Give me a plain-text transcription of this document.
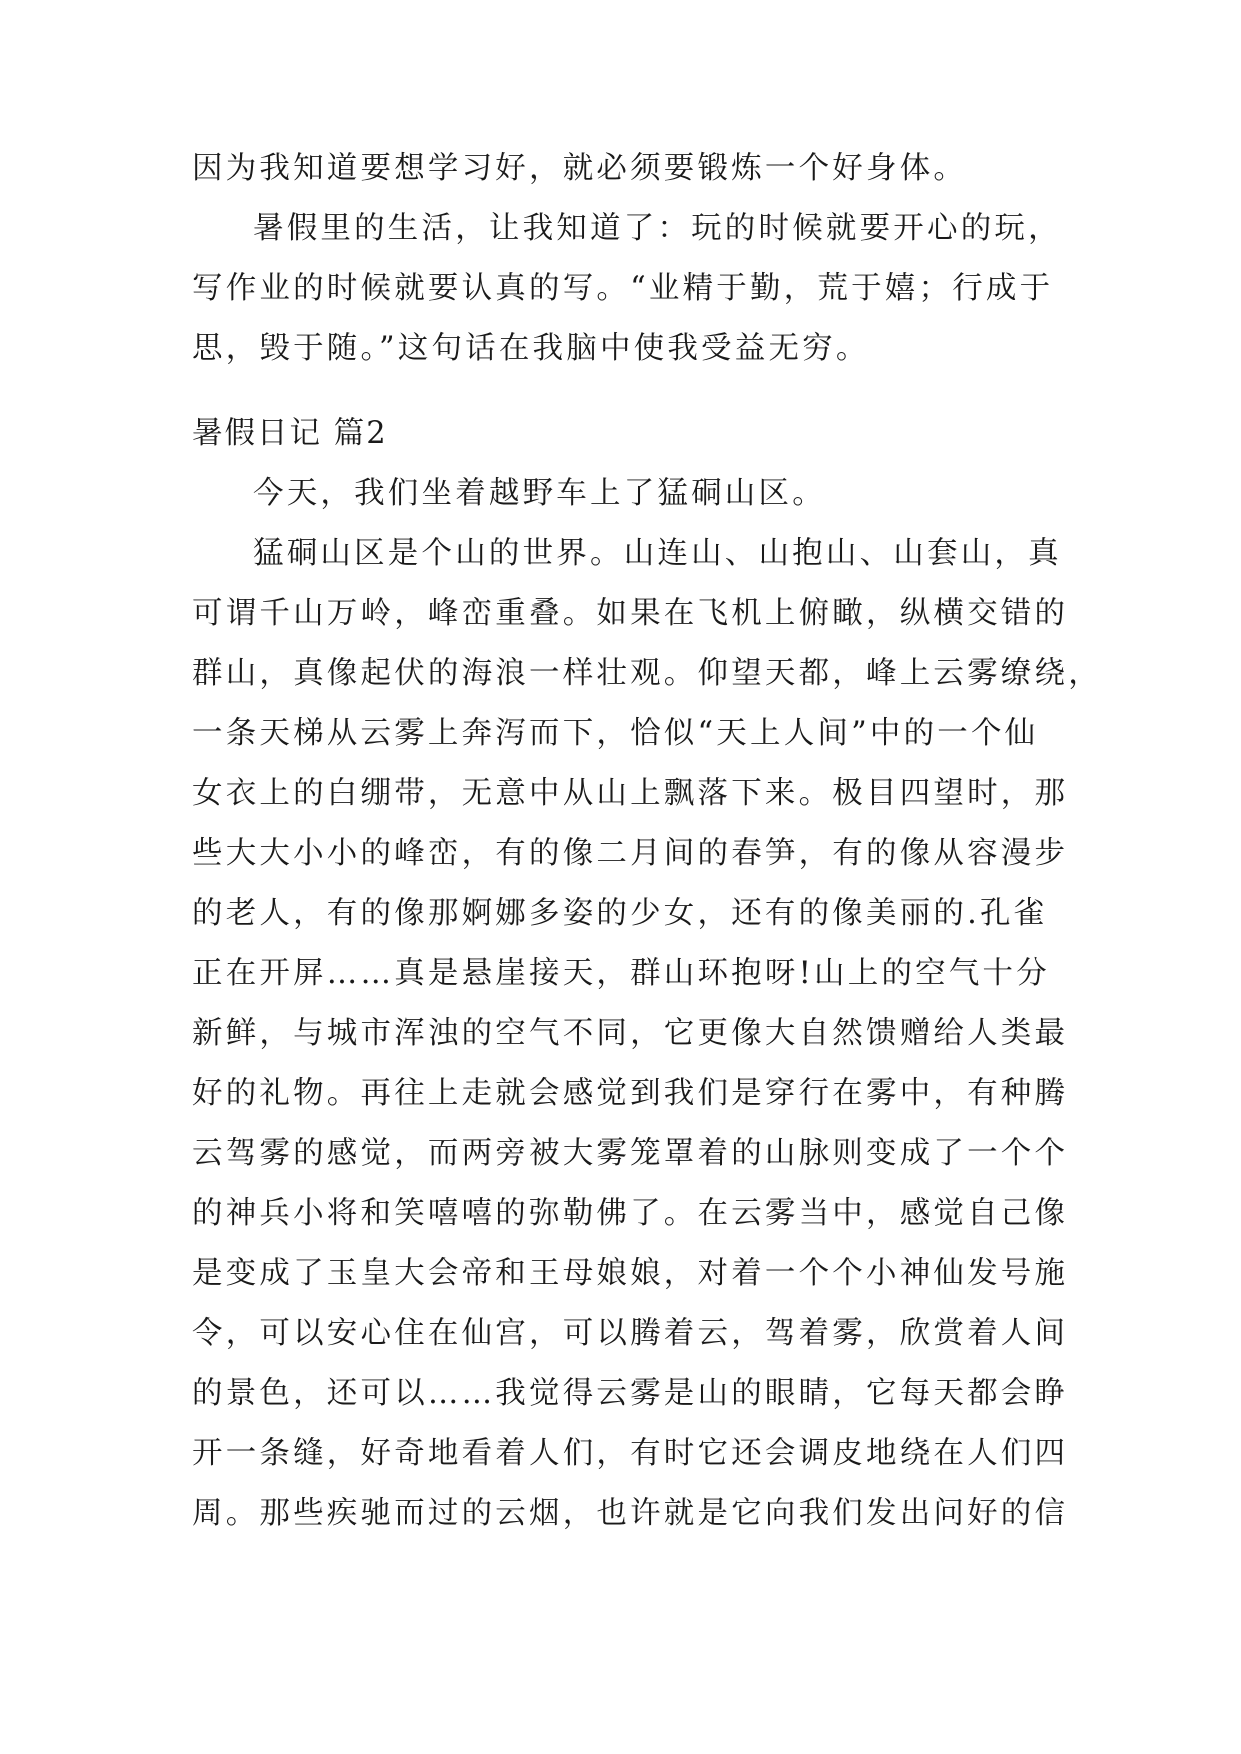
因为我知道要想学习好，就必须要锻炼一个好身体。
暑假里的生活，让我知道了：玩的时候就要开心的玩，
写作业的时候就要认真的写。“业精于勤，荒于嬉；行成于
思，毁于随。”这句话在我脑中使我受益无穷。
暑假日记 篇2
今天，我们坐着越野车上了猛硐山区。
猛硐山区是个山的世界。山连山、山抱山、山套山，真
可谓千山万岭，峰峦重叠。如果在飞机上俯瞰，纵横交错的
群山，真像起伏的海浪一样壮观。仰望天都，峰上云雾缭绕，
一条天梯从云雾上奔泻而下，恰似“天上人间”中的一个仙
女衣上的白绷带，无意中从山上飘落下来。极目四望时，那
些大大小小的峰峦，有的像二月间的春笋，有的像从容漫步
的老人，有的像那婀娜多姿的少女，还有的像美丽的.孔雀
正在开屏……真是悬崖接天，群山环抱呀!山上的空气十分
新鲜，与城市浑浊的空气不同，它更像大自然馈赠给人类最
好的礼物。再往上走就会感觉到我们是穿行在雾中，有种腾
云驾雾的感觉，而两旁被大雾笼罩着的山脉则变成了一个个
的神兵小将和笑嘻嘻的弥勒佛了。在云雾当中，感觉自己像
是变成了玉皇大会帝和王母娘娘，对着一个个小神仙发号施
令，可以安心住在仙宫，可以腾着云，驾着雾，欣赏着人间
的景色，还可以……我觉得云雾是山的眼睛，它每天都会睁
开一条缝，好奇地看着人们，有时它还会调皮地绕在人们四
周。那些疾驰而过的云烟，也许就是它向我们发出问好的信
